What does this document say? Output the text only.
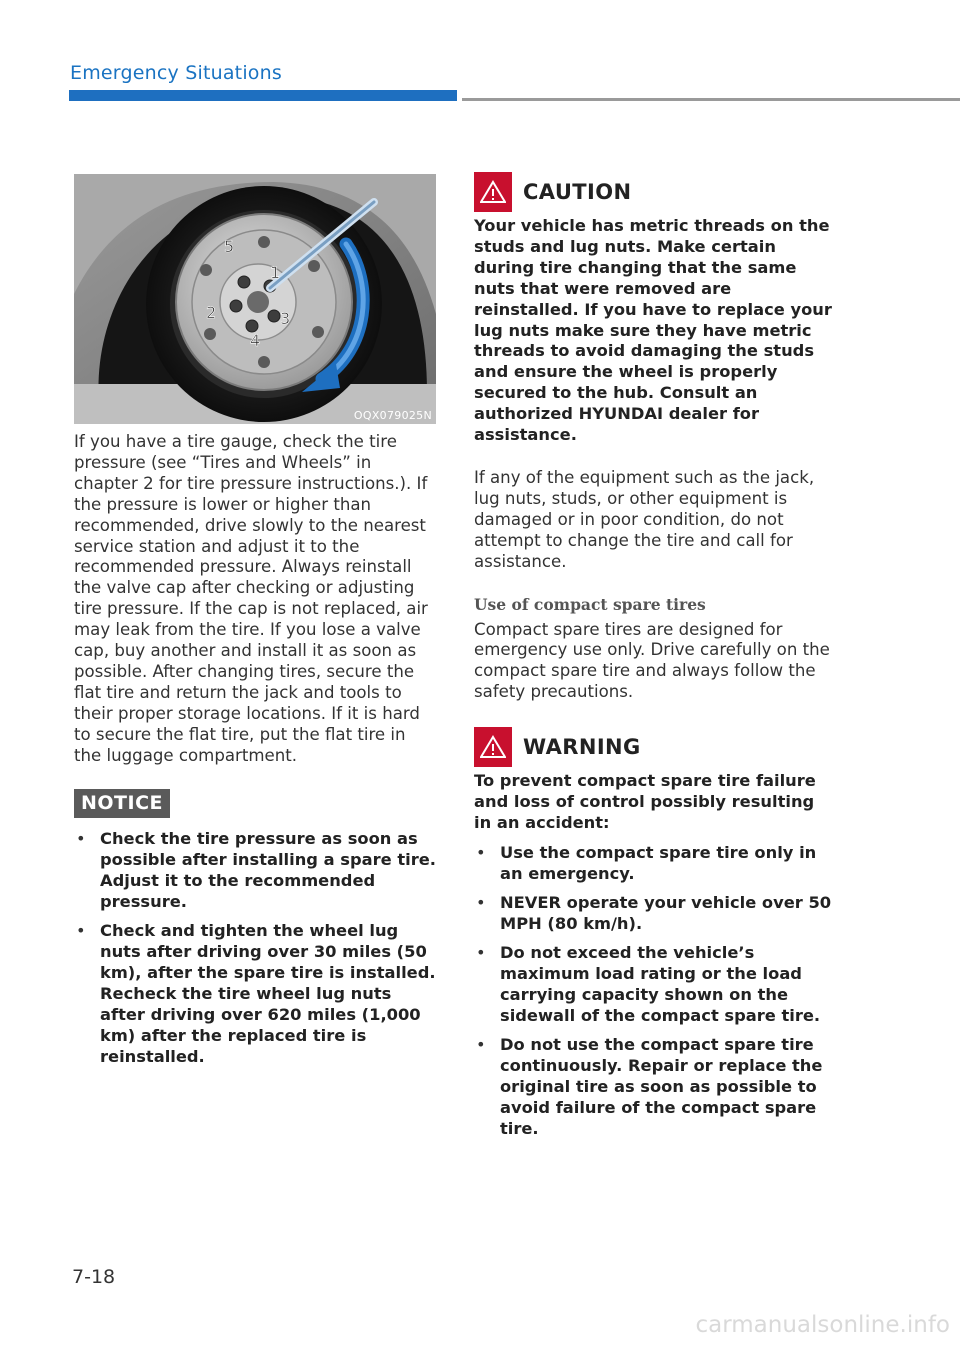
Emergency Situations
1
2	3
4
5
OQX079025N

If you have a tire gauge, check the tire pressure (see “Tires and Wheels” in chapter 2 for tire pressure instructions.). If the pressure is lower or higher than recommended, drive slowly to the nearest service station and adjust it to the recommended pressure. Always reinstall the valve cap after checking or adjusting tire pressure. If the cap is not replaced, air may leak from the tire. If you lose a valve cap, buy another and install it as soon as possible. After changing tires, secure the flat tire and return the jack and tools to their proper storage locations. If it is hard to secure the flat tire, put the flat tire in the luggage compartment.

NOTICE
• Check the tire pressure as soon as possible after installing a spare tire. Adjust it to the recommended pressure.
• Check and tighten the wheel lug nuts after driving over 30 miles (50 km), after the spare tire is installed. Recheck the tire wheel lug nuts after driving over 620 miles (1,000 km) after the replaced tire is reinstalled.
CAUTION

Your vehicle has metric threads on the studs and lug nuts. Make certain during tire changing that the same nuts that were removed are reinstalled. If you have to replace your lug nuts make sure they have metric threads to avoid damaging the studs and ensure the wheel is properly secured to the hub. Consult an authorized HYUNDAI dealer for assistance.

If any of the equipment such as the jack, lug nuts, studs, or other equipment is damaged or in poor condition, do not attempt to change the tire and call for assistance.

Use of compact spare tires

Compact spare tires are designed for emergency use only. Drive carefully on the compact spare tire and always follow the safety precautions.

WARNING

To prevent compact spare tire failure and loss of control possibly resulting in an accident:

• Use the compact spare tire only in an emergency.
• NEVER operate your vehicle over 50 MPH (80 km/h).
• Do not exceed the vehicle’s maximum load rating or the load carrying capacity shown on the sidewall of the compact spare tire.
• Do not use the compact spare tire continuously. Repair or replace the original tire as soon as possible to avoid failure of the compact spare tire.
7-18
carmanualsonline.info
